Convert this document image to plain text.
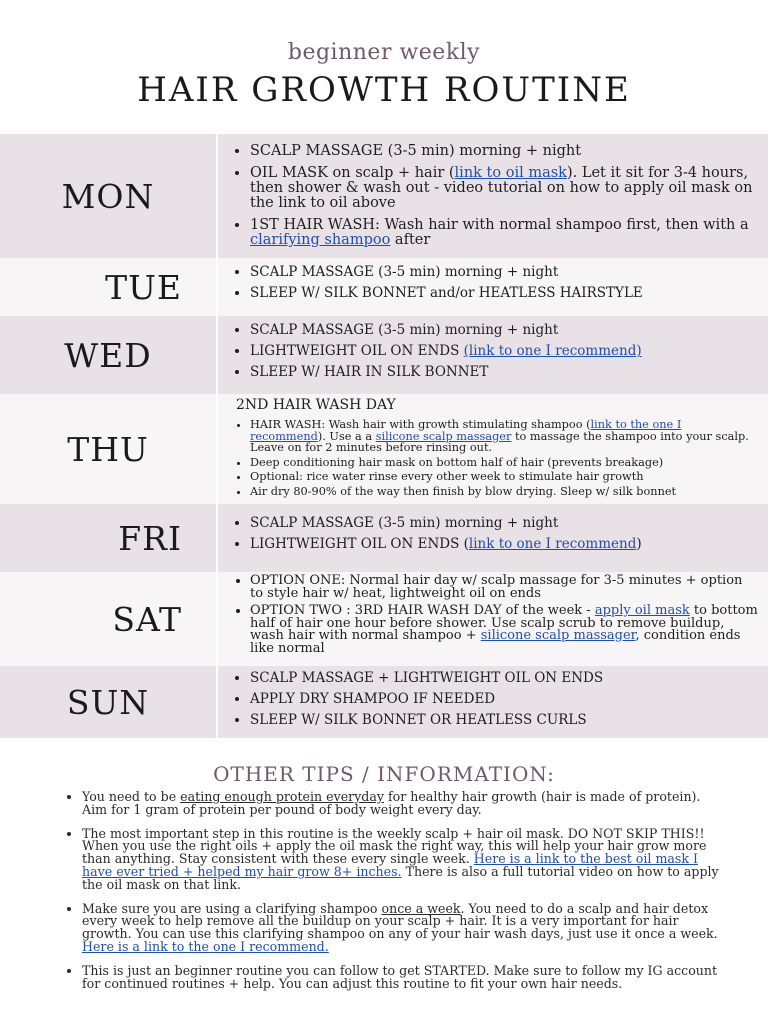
beginner weekly
HAIR GROWTH ROUTINE
MON
• SCALP MASSAGE (3-5 min) morning + night
• OIL MASK on scalp + hair (link to oil mask). Let it sit for 3-4 hours, then shower & wash out - video tutorial on how to apply oil mask on the link to oil above
• 1ST HAIR WASH: Wash hair with normal shampoo first, then with a clarifying shampoo after
TUE	• SCALP MASSAGE (3-5 min) morning + night
• SLEEP W/ SILK BONNET and/or HEATLESS HAIRSTYLE
WED
• SCALP MASSAGE (3-5 min) morning + night
• LIGHTWEIGHT OIL ON ENDS (link to one I recommend)
• SLEEP W/ HAIR IN SILK BONNET
THU
2ND HAIR WASH DAY
• HAIR WASH: Wash hair with growth stimulating shampoo (link to the one I recommend). Use a a silicone scalp massager to massage the shampoo into your scalp. Leave on for 2 minutes before rinsing out.
• Deep conditioning hair mask on bottom half of hair (prevents breakage)
• Optional: rice water rinse every other week to stimulate hair growth
• Air dry 80-90% of the way then finish by blow drying. Sleep w/ silk bonnet
FRI	• SCALP MASSAGE (3-5 min) morning + night
• LIGHTWEIGHT OIL ON ENDS (link to one I recommend)
SAT
• OPTION ONE: Normal hair day w/ scalp massage for 3-5 minutes + option to style hair w/ heat, lightweight oil on ends
• OPTION TWO : 3RD HAIR WASH DAY of the week - apply oil mask to bottom half of hair one hour before shower. Use scalp scrub to remove buildup, wash hair with normal shampoo + silicone scalp massager, condition ends like normal
SUN
• SCALP MASSAGE + LIGHTWEIGHT OIL ON ENDS
• APPLY DRY SHAMPOO IF NEEDED
• SLEEP W/ SILK BONNET OR HEATLESS CURLS
OTHER TIPS / INFORMATION:
• You need to be eating enough protein everyday for healthy hair growth (hair is made of protein). Aim for 1 gram of protein per pound of body weight every day.
• The most important step in this routine is the weekly scalp + hair oil mask. DO NOT SKIP THIS!! When you use the right oils + apply the oil mask the right way, this will help your hair grow more than anything. Stay consistent with these every single week. Here is a link to the best oil mask I have ever tried + helped my hair grow 8+ inches. There is also a full tutorial video on how to apply the oil mask on that link.
• Make sure you are using a clarifying shampoo once a week. You need to do a scalp and hair detox every week to help remove all the buildup on your scalp + hair. It is a very important for hair growth. You can use this clarifying shampoo on any of your hair wash days, just use it once a week. Here is a link to the one I recommend.
• This is just an beginner routine you can follow to get STARTED. Make sure to follow my IG account for continued routines + help. You can adjust this routine to fit your own hair needs.
